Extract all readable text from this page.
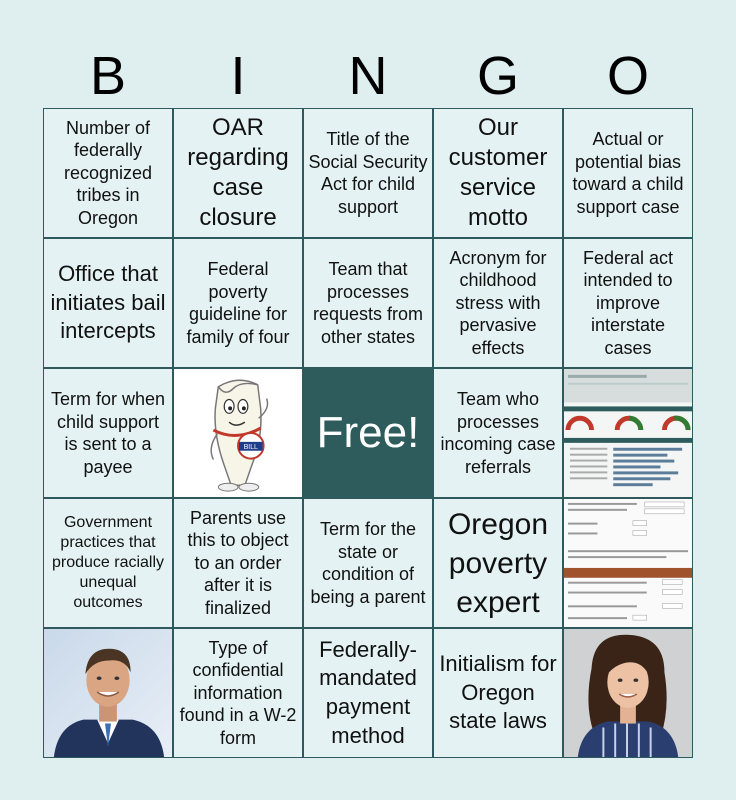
B	I	N	G	O
Number of federally recognized tribes in Oregon
OAR regarding case closure
Title of the Social Security Act for child support
Our customer service motto
Actual or potential bias toward a child support case
Office that initiates bail intercepts
Federal poverty guideline for family of four
Team that processes requests from other states
Acronym for childhood stress with pervasive effects
Federal act intended to improve interstate cases
Term for when child support is sent to a payee
BILL Free!
Team who processes incoming case referrals
Government practices that produce racially unequal outcomes
Parents use this to object to an order after it is finalized
Term for the state or condition of being a parent
Oregon poverty expert
Type of confidential information found in a W-2 form
Federally-mandated payment method
Initialism for Oregon state laws
